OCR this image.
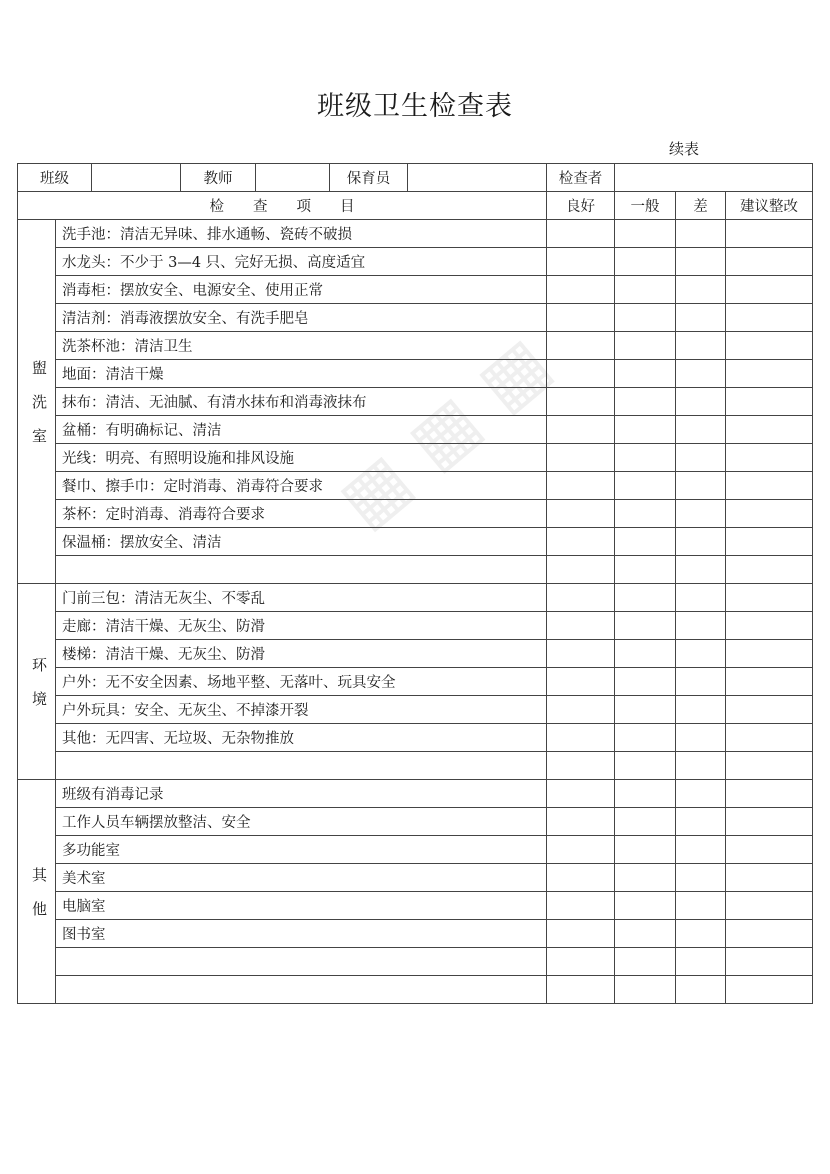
▦ ▦ ▦
班级卫生检查表
续表
班级			教师		保育员		检查者			
检　　查　　项　　目							良好	一般	差	建议整改

盥
洗
室	洗手池：清洁无异味、排水通畅、瓷砖不破损									
	水龙头：不少于 3—4 只、完好无损、高度适宜									
	消毒柜：摆放安全、电源安全、使用正常									
	清洁剂：消毒液摆放安全、有洗手肥皂									
	洗茶杯池：清洁卫生									
	地面：清洁干燥									
	抹布：清洁、无油腻、有清水抹布和消毒液抹布									
	盆桶：有明确标记、清洁									
	光线：明亮、有照明设施和排风设施									
	餐巾、擦手巾：定时消毒、消毒符合要求									
	茶杯：定时消毒、消毒符合要求									
	保温桶：摆放安全、清洁									

环
境	门前三包：清洁无灰尘、不零乱									
	走廊：清洁干燥、无灰尘、防滑									
	楼梯：清洁干燥、无灰尘、防滑									
	户外：无不安全因素、场地平整、无落叶、玩具安全									
	户外玩具：安全、无灰尘、不掉漆开裂									
	其他：无四害、无垃圾、无杂物推放									

其
他	班级有消毒记录									
	工作人员车辆摆放整洁、安全									
	多功能室									
	美术室									
	电脑室									
	图书室									
